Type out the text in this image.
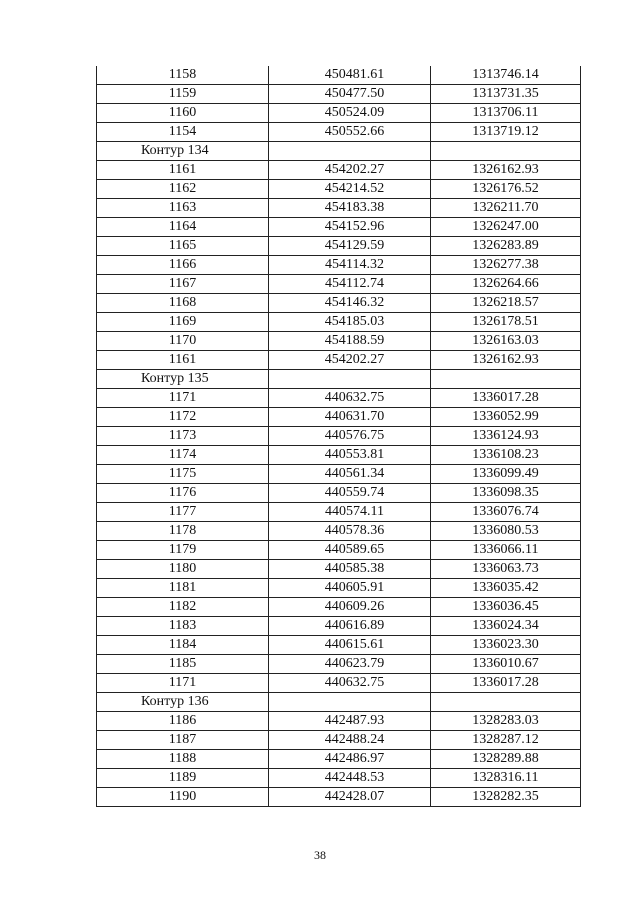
1158	450481.61	1313746.14
1159	450477.50	1313731.35
1160	450524.09	1313706.11
1154	450552.66	1313719.12
Контур 134		
1161	454202.27	1326162.93
1162	454214.52	1326176.52
1163	454183.38	1326211.70
1164	454152.96	1326247.00
1165	454129.59	1326283.89
1166	454114.32	1326277.38
1167	454112.74	1326264.66
1168	454146.32	1326218.57
1169	454185.03	1326178.51
1170	454188.59	1326163.03
1161	454202.27	1326162.93
Контур 135		
1171	440632.75	1336017.28
1172	440631.70	1336052.99
1173	440576.75	1336124.93
1174	440553.81	1336108.23
1175	440561.34	1336099.49
1176	440559.74	1336098.35
1177	440574.11	1336076.74
1178	440578.36	1336080.53
1179	440589.65	1336066.11
1180	440585.38	1336063.73
1181	440605.91	1336035.42
1182	440609.26	1336036.45
1183	440616.89	1336024.34
1184	440615.61	1336023.30
1185	440623.79	1336010.67
1171	440632.75	1336017.28
Контур 136		
1186	442487.93	1328283.03
1187	442488.24	1328287.12
1188	442486.97	1328289.88
1189	442448.53	1328316.11
1190	442428.07	1328282.35
38
